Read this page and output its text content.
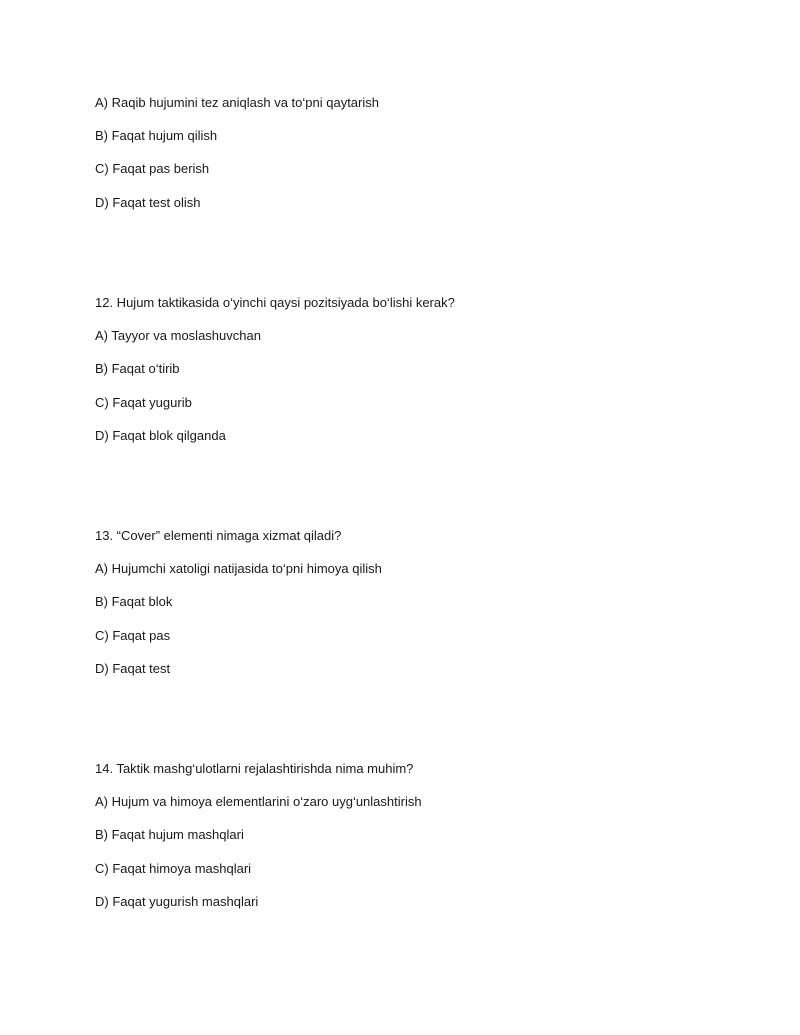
A) Raqib hujumini tez aniqlash va to‘pni qaytarish
B) Faqat hujum qilish
C) Faqat pas berish
D) Faqat test olish
12. Hujum taktikasida o‘yinchi qaysi pozitsiyada bo‘lishi kerak?
A) Tayyor va moslashuvchan
B) Faqat o‘tirib
C) Faqat yugurib
D) Faqat blok qilganda
13. “Cover” elementi nimaga xizmat qiladi?
A) Hujumchi xatoligi natijasida to‘pni himoya qilish
B) Faqat blok
C) Faqat pas
D) Faqat test
14. Taktik mashg‘ulotlarni rejalashtirishda nima muhim?
A) Hujum va himoya elementlarini o‘zaro uyg‘unlashtirish
B) Faqat hujum mashqlari
C) Faqat himoya mashqlari
D) Faqat yugurish mashqlari
